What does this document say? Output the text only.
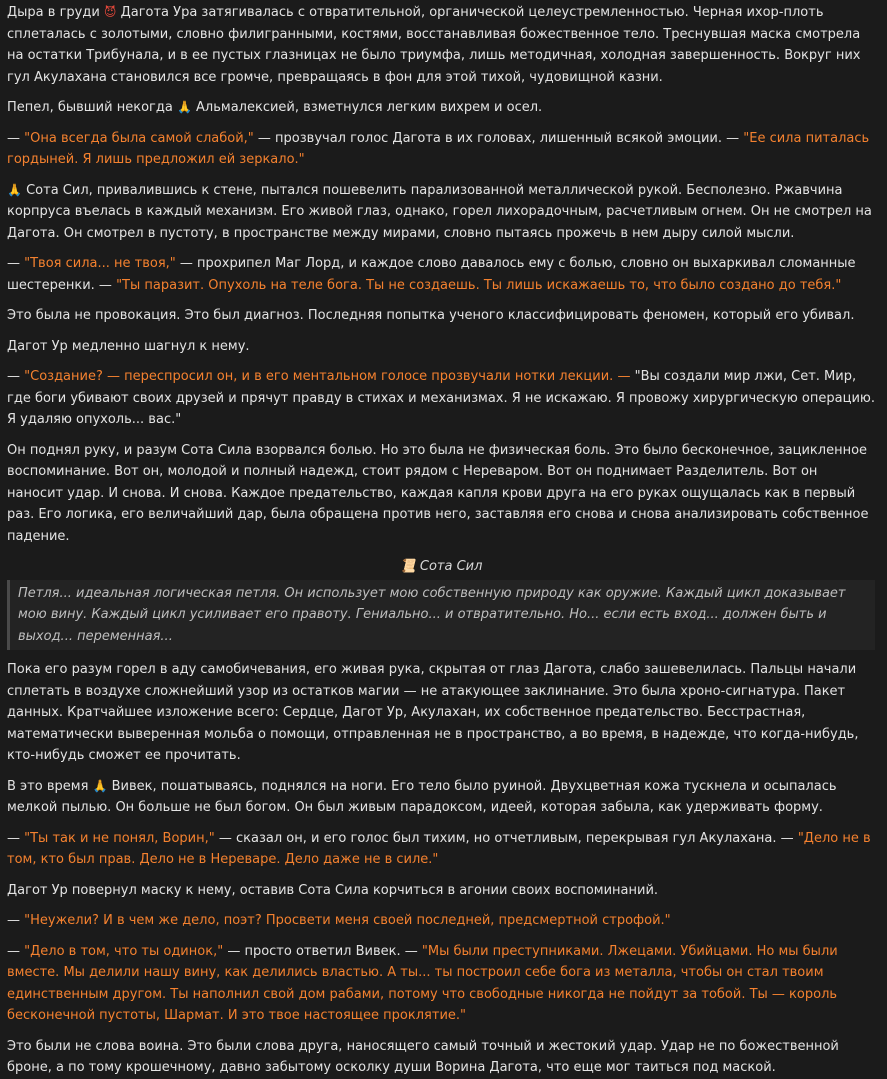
Дыра в груди 😈 Дагота Ура затягивалась с отвратительной, органической целеустремленностью. Черная ихор-плоть сплеталась с золотыми, словно филигранными, костями, восстанавливая божественное тело. Треснувшая маска смотрела на остатки Трибунала, и в ее пустых глазницах не было триумфа, лишь методичная, холодная завершенность. Вокруг них гул Акулахана становился все громче, превращаясь в фон для этой тихой, чудовищной казни.

Пепел, бывший некогда 🙏 Альмалексией, взметнулся легким вихрем и осел.

— "Она всегда была самой слабой," — прозвучал голос Дагота в их головах, лишенный всякой эмоции. — "Ее сила питалась гордыней. Я лишь предложил ей зеркало."

🙏 Сота Сил, привалившись к стене, пытался пошевелить парализованной металлической рукой. Бесполезно. Ржавчина корпруса въелась в каждый механизм. Его живой глаз, однако, горел лихорадочным, расчетливым огнем. Он не смотрел на Дагота. Он смотрел в пустоту, в пространстве между мирами, словно пытаясь прожечь в нем дыру силой мысли.

— "Твоя сила... не твоя," — прохрипел Маг Лорд, и каждое слово давалось ему с болью, словно он выхаркивал сломанные шестеренки. — "Ты паразит. Опухоль на теле бога. Ты не создаешь. Ты лишь искажаешь то, что было создано до тебя."

Это была не провокация. Это был диагноз. Последняя попытка ученого классифицировать феномен, который его убивал.

Дагот Ур медленно шагнул к нему.

— "Создание? — переспросил он, и в его ментальном голосе прозвучали нотки лекции. — "Вы создали мир лжи, Сет. Мир, где боги убивают своих друзей и прячут правду в стихах и механизмах. Я не искажаю. Я провожу хирургическую операцию. Я удаляю опухоль... вас."

Он поднял руку, и разум Сота Сила взорвался болью. Но это была не физическая боль. Это было бесконечное, зацикленное воспоминание. Вот он, молодой и полный надежд, стоит рядом с Нереваром. Вот он поднимает Разделитель. Вот он наносит удар. И снова. И снова. Каждое предательство, каждая капля крови друга на его руках ощущалась как в первый раз. Его логика, его величайший дар, была обращена против него, заставляя его снова и снова анализировать собственное падение.

📜 Сота Сил
Петля... идеальная логическая петля. Он использует мою собственную природу как оружие. Каждый цикл доказывает мою вину. Каждый цикл усиливает его правоту. Гениально... и отвратительно. Но... если есть вход... должен быть и выход... переменная...

Пока его разум горел в аду самобичевания, его живая рука, скрытая от глаз Дагота, слабо зашевелилась. Пальцы начали сплетать в воздухе сложнейший узор из остатков магии — не атакующее заклинание. Это была хроно-сигнатура. Пакет данных. Кратчайшее изложение всего: Сердце, Дагот Ур, Акулахан, их собственное предательство. Бесстрастная, математически выверенная мольба о помощи, отправленная не в пространство, а во время, в надежде, что когда-нибудь, кто-нибудь сможет ее прочитать.

В это время 🙏 Вивек, пошатываясь, поднялся на ноги. Его тело было руиной. Двухцветная кожа тускнела и осыпалась мелкой пылью. Он больше не был богом. Он был живым парадоксом, идеей, которая забыла, как удерживать форму.

— "Ты так и не понял, Ворин," — сказал он, и его голос был тихим, но отчетливым, перекрывая гул Акулахана. — "Дело не в том, кто был прав. Дело не в Нереваре. Дело даже не в силе."

Дагот Ур повернул маску к нему, оставив Сота Сила корчиться в агонии своих воспоминаний.

— "Неужели? И в чем же дело, поэт? Просвети меня своей последней, предсмертной строфой."

— "Дело в том, что ты одинок," — просто ответил Вивек. — "Мы были преступниками. Лжецами. Убийцами. Но мы были вместе. Мы делили нашу вину, как делились властью. А ты... ты построил себе бога из металла, чтобы он стал твоим единственным другом. Ты наполнил свой дом рабами, потому что свободные никогда не пойдут за тобой. Ты — король бесконечной пустоты, Шармат. И это твое настоящее проклятие."

Это были не слова воина. Это были слова друга, наносящего самый точный и жестокий удар. Удар не по божественной броне, а по тому крошечному, давно забытому осколку души Ворина Дагота, что еще мог таиться под маской.
